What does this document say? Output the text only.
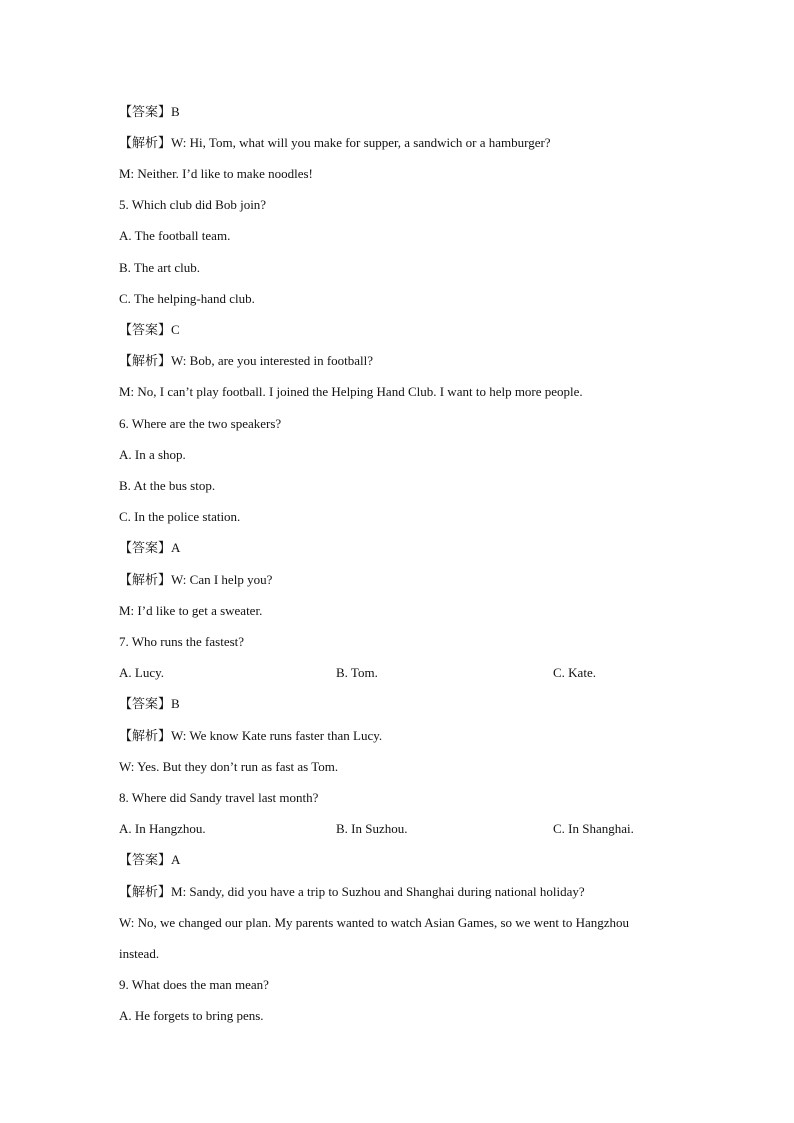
【答案】B
【解析】W: Hi, Tom, what will you make for supper, a sandwich or a hamburger?
M: Neither. I’d like to make noodles!
5. Which club did Bob join?
A. The football team.
B. The art club.
C. The helping-hand club.
【答案】C
【解析】W: Bob, are you interested in football?
M: No, I can’t play football. I joined the Helping Hand Club. I want to help more people.
6. Where are the two speakers?
A. In a shop.
B. At the bus stop.
C. In the police station.
【答案】A
【解析】W: Can I help you?
M: I’d like to get a sweater.
7. Who runs the fastest?
A. Lucy.	B. Tom.	C. Kate.
【答案】B
【解析】W: We know Kate runs faster than Lucy.
W: Yes. But they don’t run as fast as Tom.
8. Where did Sandy travel last month?
A. In Hangzhou.	B. In Suzhou.	C. In Shanghai.
【答案】A
【解析】M: Sandy, did you have a trip to Suzhou and Shanghai during national holiday?
W: No, we changed our plan. My parents wanted to watch Asian Games, so we went to Hangzhou
instead.
9. What does the man mean?
A. He forgets to bring pens.
